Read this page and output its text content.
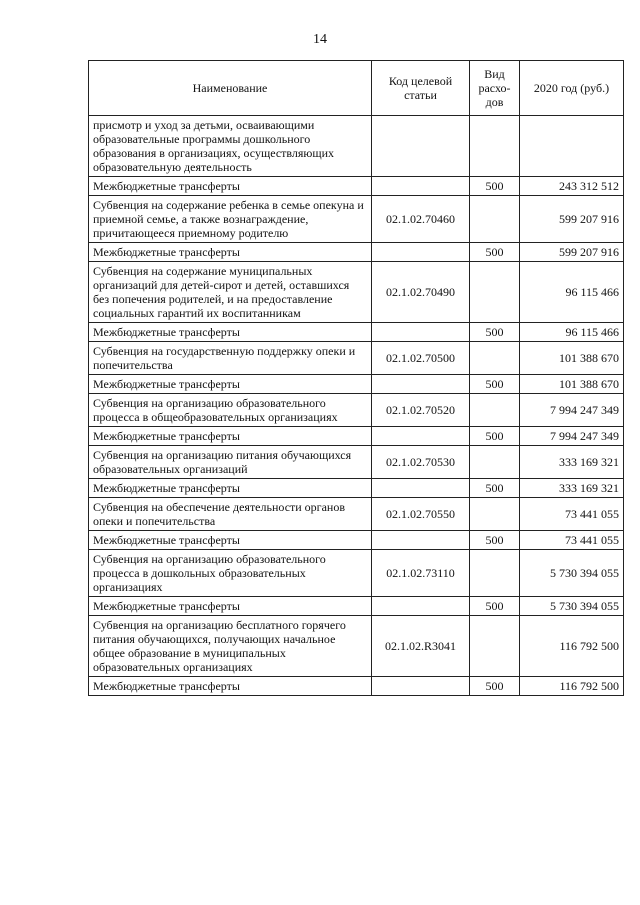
14
Наименование	Код целевой статьи	Вид расхо-дов	2020 год (руб.)
присмотр и уход за детьми, осваивающими образовательные программы дошкольного образования в организациях, осуществляющих образовательную деятельность			
Межбюджетные трансферты		500	243 312 512
Субвенция на содержание ребенка в семье опекуна и приемной семье, а также вознаграждение, причитающееся приемному родителю	02.1.02.70460		599 207 916
Межбюджетные трансферты		500	599 207 916
Субвенция на содержание муниципальных организаций для детей-сирот и детей, оставшихся без попечения родителей, и на предоставление социальных гарантий их воспитанникам	02.1.02.70490		96 115 466
Межбюджетные трансферты		500	96 115 466
Субвенция на государственную поддержку опеки и попечительства	02.1.02.70500		101 388 670
Межбюджетные трансферты		500	101 388 670
Субвенция на организацию образовательного процесса в общеобразовательных организациях	02.1.02.70520		7 994 247 349
Межбюджетные трансферты		500	7 994 247 349
Субвенция на организацию питания обучающихся образовательных организаций	02.1.02.70530		333 169 321
Межбюджетные трансферты		500	333 169 321
Субвенция на обеспечение деятельности органов опеки и попечительства	02.1.02.70550		73 441 055
Межбюджетные трансферты		500	73 441 055
Субвенция на организацию образовательного процесса в дошкольных образовательных организациях	02.1.02.73110		5 730 394 055
Межбюджетные трансферты		500	5 730 394 055
Субвенция на организацию бесплатного горячего питания обучающихся, получающих начальное общее образование в муниципальных образовательных организациях	02.1.02.R3041		116 792 500
Межбюджетные трансферты		500	116 792 500
